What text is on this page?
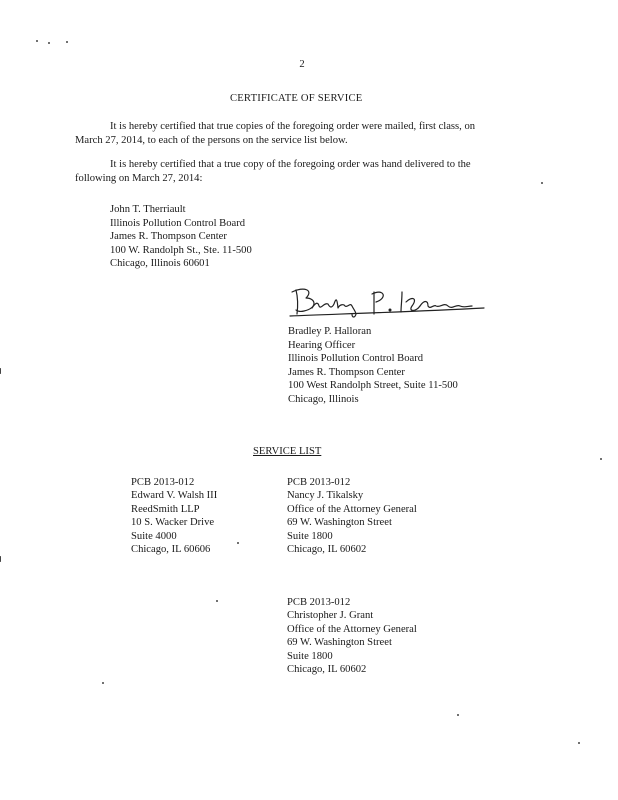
2
CERTIFICATE OF SERVICE
It is hereby certified that true copies of the foregoing order were mailed, first class, on
March 27, 2014, to each of the persons on the service list below.
It is hereby certified that a true copy of the foregoing order was hand delivered to the
following on March 27, 2014:
John T. Therriault
Illinois Pollution Control Board
James R. Thompson Center
100 W. Randolph St., Ste. 11-500
Chicago, Illinois 60601
Bradley P. Halloran
Hearing Officer
Illinois Pollution Control Board
James R. Thompson Center
100 West Randolph Street, Suite 11-500
Chicago, Illinois
SERVICE LIST
PCB 2013-012
Edward V. Walsh III
ReedSmith LLP
10 S. Wacker Drive
Suite 4000
Chicago, IL 60606
PCB 2013-012
Nancy J. Tikalsky
Office of the Attorney General
69 W. Washington Street
Suite 1800
Chicago, IL 60602
PCB 2013-012
Christopher J. Grant
Office of the Attorney General
69 W. Washington Street
Suite 1800
Chicago, IL 60602
